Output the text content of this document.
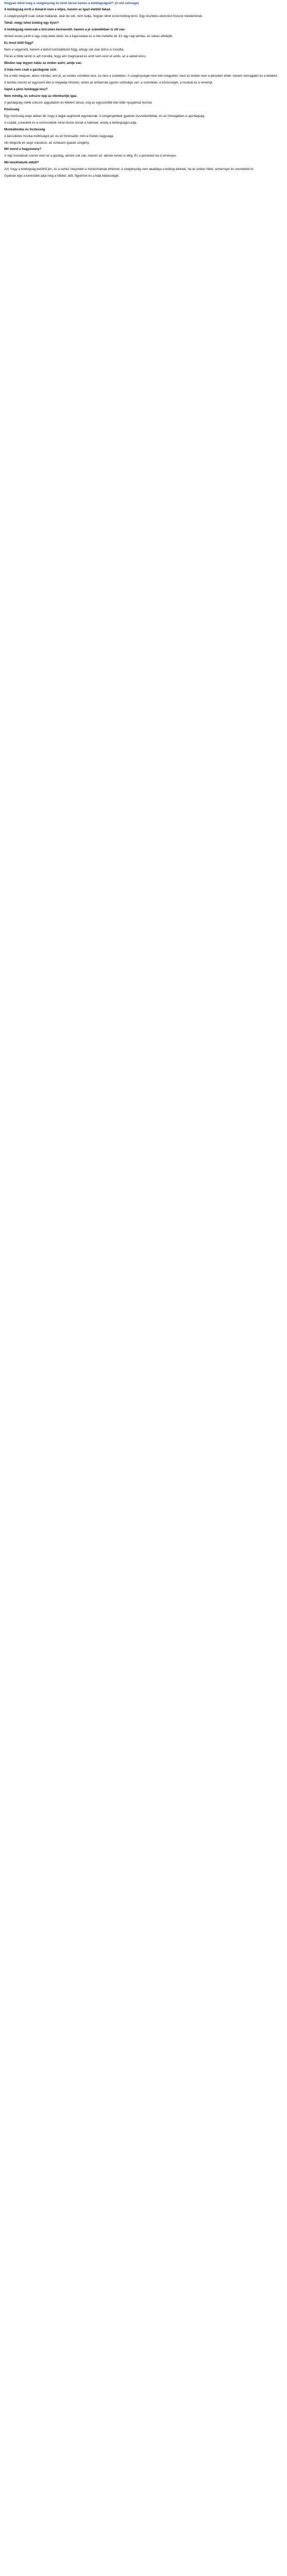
Hogyan lehet meg a szegénység és kiúti társai hamis a boldogságról? (A mű szövege)

A boldogság erről a témáról nem a teljes, hanem az igazi életből fakad.

A szegénységről csak sokan hallanak, akár de sok, nem tudja, hogyan lehet ezzel boldog lenni. Egy részletes elemzést hozunk mindenkinek.

Tehát: mégy lehet boldog egy ilyen?

A boldogság nemcsak a kincsben keresendő, hanem a jó szándékban is ott van.

Akinek kevés jutott is egy szép élete lehet, ha a kapcsolatai és a hite mellette áll. Ez egy régi tanítás, és sokan elfelejtik.

Ez most kitől függ?

Nem a vagyontól, hanem a belső hozzáállástól függ, ahogy sok más bölcs is mondta.

Pál és a többi tanító is azt mondta, hogy ami megmarad és amit nem vesz el senki, az a valódi kincs.

Minden nap legyen hálás az ember azért, amije van.

A hála nem csak a gazdagnak szól.

Ha a háló megvan, akkor mindaz, ami jó, az ember szívében lesz, és nem a zsebében. A szegénységet nem kell szégyellni, mert az ember nem a pénzéért érték, hanem önmagáért és a tetteiért.

A tanítás szerint az egyszerű élet is megadja mindazt, amire az embernek igazán szüksége van: a szeretetet, a közösséget, a munkát és a reményt.

Vajon a pénz boldoggá tesz?

Nem mindig, és sokszor épp az ellenkezője igaz.

A gazdagság mellé sokszor aggodalom és félelem társul, míg az egyszerűbb élet több nyugalmat hozhat.

Közösség

Egy közösség ereje abban áll, hogy a tagjai segítenek egymásnak. A szegényebbek gyakran összetartóbbak, és ez önmagában is gazdagság.

A család, a barátok és a szomszédok mind részei annak a hálónak, amely a boldogságot adja.

Munkálkodás és tisztesség

A becsületes munka méltóságot ad, és ez fontosabb, mint a fizetés nagysága.

Aki dolgozik és segít másokon, az sohasem igazán szegény.

Mit mond a hagyomány?

A régi mondások szerint nem az a gazdag, akinek sok van, hanem az, akinek kevés is elég. Ez a gondolat ma is érvényes.

Mit tanulhatunk ebből?

Azt, hogy a boldogság belülről jön, és a nehéz helyzetek is hordozhatnak értelmet. A szegénység nem akadálya a boldog életnek, ha az ember hittel, reménnyel és szeretettel él.

Gyakran épp a kevesebb adja meg a többet: időt, figyelmet és a hála képességét.
